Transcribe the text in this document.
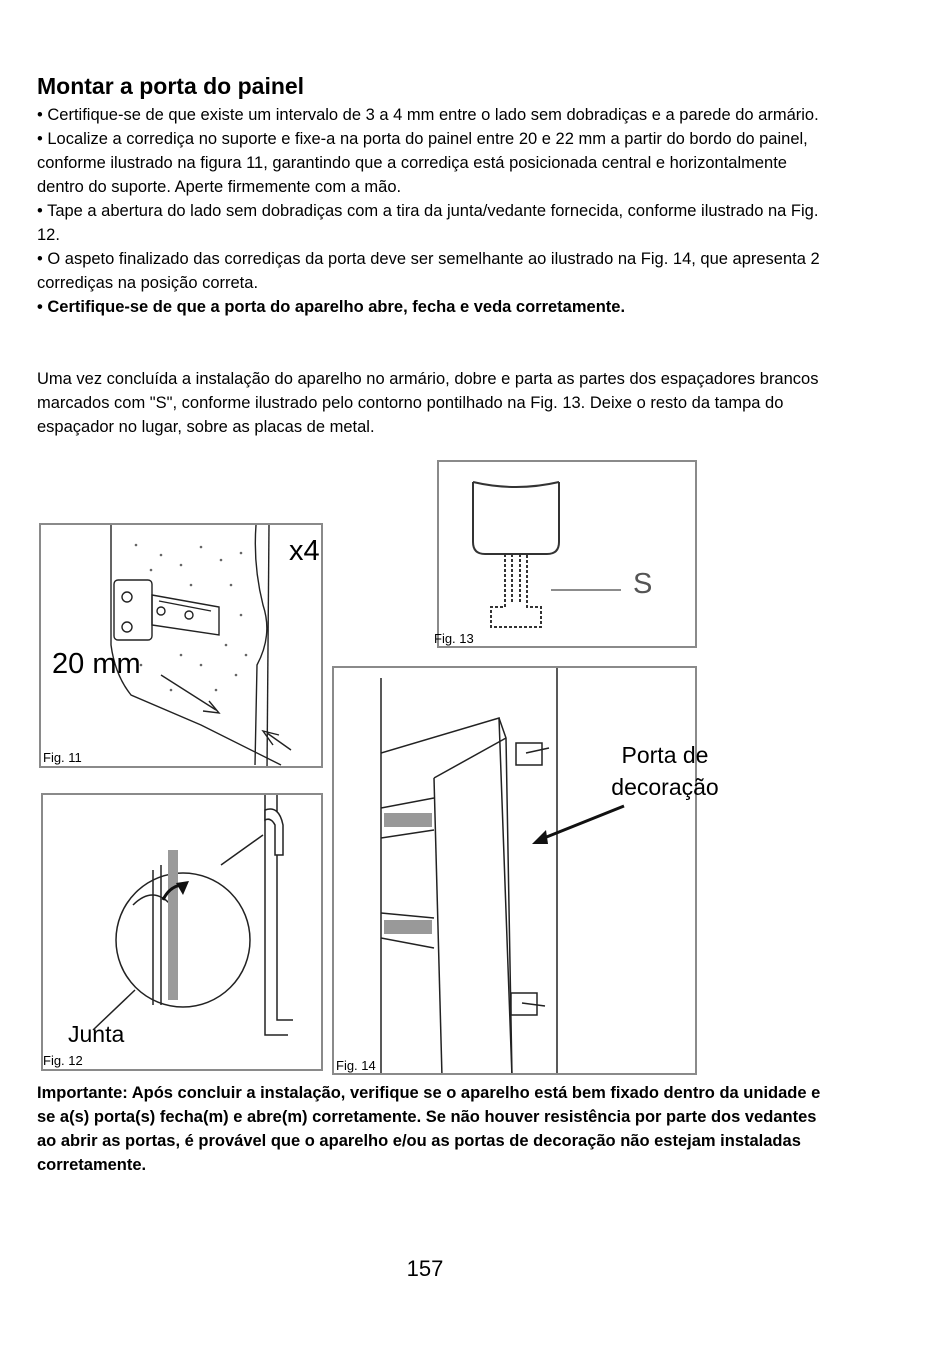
Montar a porta do painel

• Certifique-se de que existe um intervalo de 3 a 4 mm entre o lado sem dobradiças e a parede do armário.

• Localize a corrediça no suporte e fixe-a na porta do painel entre 20 e 22 mm a partir do bordo do painel, conforme ilustrado na figura 11, garantindo que a corrediça está posicionada central e horizontalmente dentro do suporte. Aperte firmemente com a mão.

• Tape a abertura do lado sem dobradiças com a tira da junta/vedante fornecida, conforme ilustrado na Fig. 12.

• O aspeto finalizado das corrediças da porta deve ser semelhante ao ilustrado na Fig. 14, que apresenta 2 corrediças na posição correta.

• Certifique-se de que a porta do aparelho abre, fecha e veda corretamente.

Uma vez concluída a instalação do aparelho no armário, dobre e parta as partes dos espaçadores brancos marcados com "S", conforme ilustrado pelo contorno pontilhado na Fig. 13. Deixe o resto da tampa do espaçador no lugar, sobre as placas de metal.
x4
20 mm
Fig. 11
S
Fig. 13
Junta
Fig. 12
Porta de
decoração
Fig. 14
Importante: Após concluir a instalação, verifique se o aparelho está bem fixado dentro da unidade e se a(s) porta(s) fecha(m) e abre(m) corretamente. Se não houver resistência por parte dos vedantes ao abrir as portas, é provável que o aparelho e/ou as portas de decoração não estejam instaladas corretamente.
157
